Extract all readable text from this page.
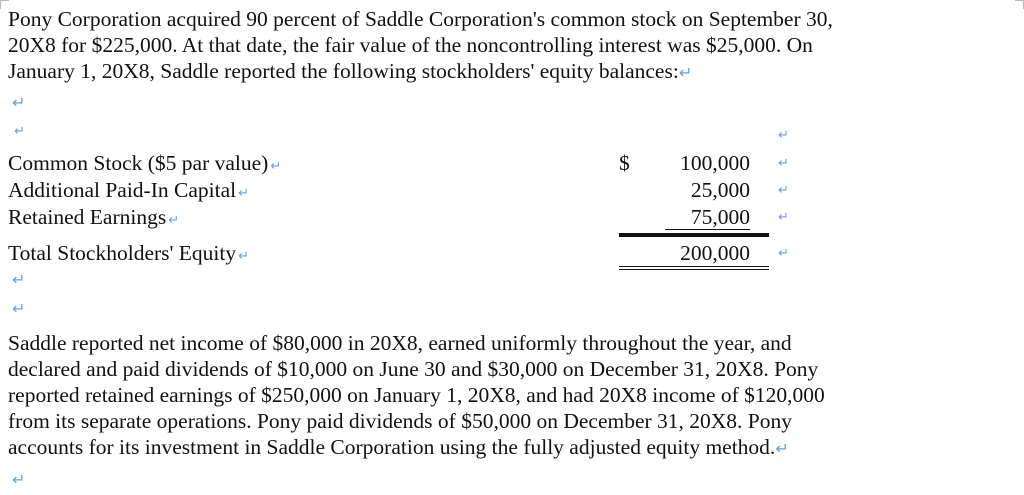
Pony Corporation acquired 90 percent of Saddle Corporation's common stock on September 30,
20X8 for $225,000. At that date, the fair value of the noncontrolling interest was $25,000. On
January 1, 20X8, Saddle reported the following stockholders' equity balances:↵
↵
↵	↵
Common Stock ($5 par value) ↵
Additional Paid-In Capital ↵
Retained Earnings ↵
Total Stockholders' Equity ↵
$	100,000
25,000
75,000
200,000
↵
↵
↵
↵
↵
↵
Saddle reported net income of $80,000 in 20X8, earned uniformly throughout the year, and
declared and paid dividends of $10,000 on June 30 and $30,000 on December 31, 20X8. Pony
reported retained earnings of $250,000 on January 1, 20X8, and had 20X8 income of $120,000
from its separate operations. Pony paid dividends of $50,000 on December 31, 20X8. Pony
accounts for its investment in Saddle Corporation using the fully adjusted equity method.↵
↵
